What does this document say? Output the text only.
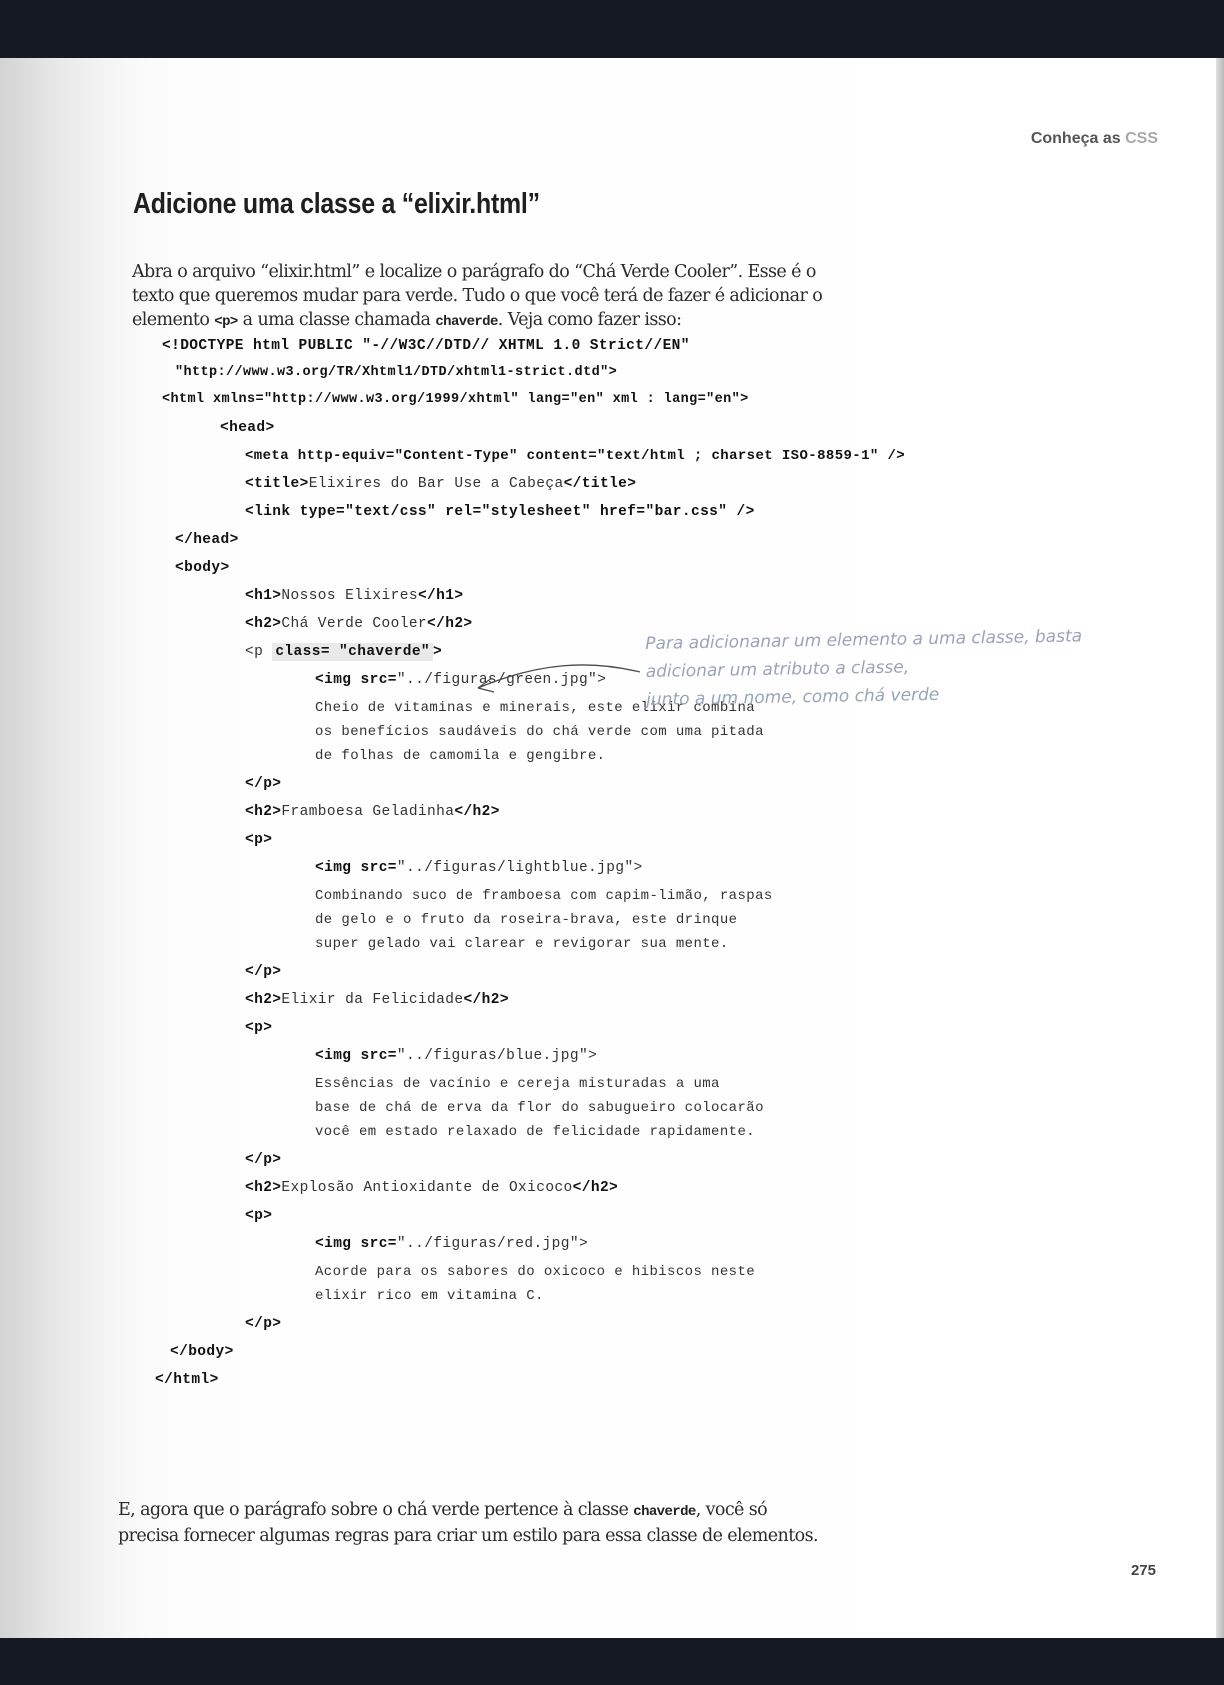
Conheça as CSS
Adicione uma classe a “elixir.html”

Abra o arquivo “elixir.html” e localize o parágrafo do “Chá Verde Cooler”. Esse é o

texto que queremos mudar para verde. Tudo o que você terá de fazer é adicionar o

elemento <p> a uma classe chamada chaverde. Veja como fazer isso:

<!DOCTYPE html PUBLIC "-//W3C//DTD// XHTML 1.0 Strict//EN"
"http://www.w3.org/TR/Xhtml1/DTD/xhtml1-strict.dtd">
<html xmlns="http://www.w3.org/1999/xhtml" lang="en" xml : lang="en">
<head>
<meta http-equiv="Content-Type" content="text/html ; charset ISO-8859-1" />
<title>Elixires do Bar Use a Cabeça</title>
<link type="text/css" rel="stylesheet" href="bar.css" />
</head>
<body>
<h1>Nossos Elixires</h1>
<h2>Chá Verde Cooler</h2>
<p class= "chaverde" >
<img src="../figuras/green.jpg">
Cheio de vitaminas e minerais, este elixir combina
os benefícios saudáveis do chá verde com uma pitada
de folhas de camomila e gengibre.
</p>
<h2>Framboesa Geladinha</h2>
<p>
<img src="../figuras/lightblue.jpg">
Combinando suco de framboesa com capim-limão, raspas
de gelo e o fruto da roseira-brava, este drinque
super gelado vai clarear e revigorar sua mente.
</p>
<h2>Elixir da Felicidade</h2>
<p>
<img src="../figuras/blue.jpg">
Essências de vacínio e cereja misturadas a uma
base de chá de erva da flor do sabugueiro colocarão
você em estado relaxado de felicidade rapidamente.
</p>
<h2>Explosão Antioxidante de Oxicoco</h2>
<p>
<img src="../figuras/red.jpg">
Acorde para os sabores do oxicoco e hibiscos neste
elixir rico em vitamina C.
</p>
</body>
</html>
Para adicionanar um elemento a uma classe, basta
adicionar um atributo a classe,
junto a um nome, como chá verde

E, agora que o parágrafo sobre o chá verde pertence à classe chaverde, você só

precisa fornecer algumas regras para criar um estilo para essa classe de elementos.

275
